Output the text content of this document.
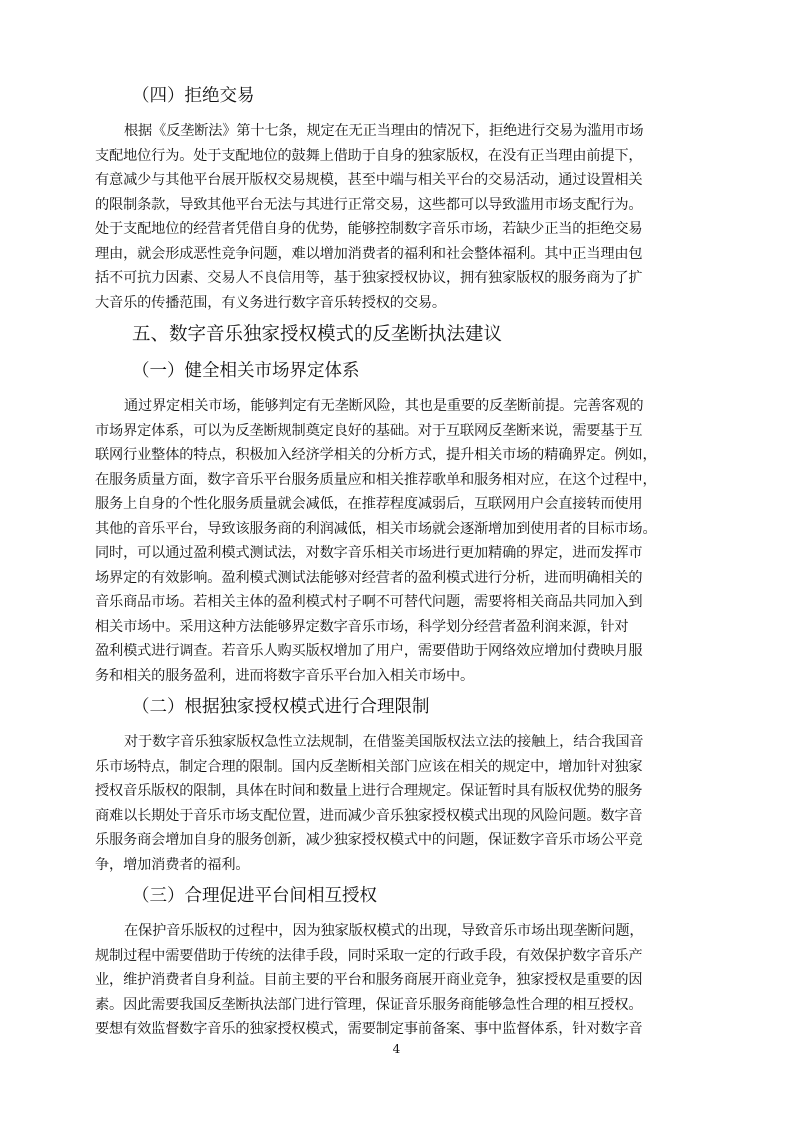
（四）拒绝交易
根据《反垄断法》第十七条，规定在无正当理由的情况下，拒绝进行交易为滥用市场
支配地位行为。处于支配地位的鼓舞上借助于自身的独家版权，在没有正当理由前提下，
有意减少与其他平台展开版权交易规模，甚至中端与相关平台的交易活动，通过设置相关
的限制条款，导致其他平台无法与其进行正常交易，这些都可以导致滥用市场支配行为。
处于支配地位的经营者凭借自身的优势，能够控制数字音乐市场，若缺少正当的拒绝交易
理由，就会形成恶性竞争问题，难以增加消费者的福利和社会整体福利。其中正当理由包
括不可抗力因素、交易人不良信用等，基于独家授权协议，拥有独家版权的服务商为了扩
大音乐的传播范围，有义务进行数字音乐转授权的交易。
五、数字音乐独家授权模式的反垄断执法建议
（一）健全相关市场界定体系
通过界定相关市场，能够判定有无垄断风险，其也是重要的反垄断前提。完善客观的
市场界定体系，可以为反垄断规制奠定良好的基础。对于互联网反垄断来说，需要基于互
联网行业整体的特点，积极加入经济学相关的分析方式，提升相关市场的精确界定。例如，
在服务质量方面，数字音乐平台服务质量应和相关推荐歌单和服务相对应，在这个过程中，
服务上自身的个性化服务质量就会减低，在推荐程度减弱后，互联网用户会直接转而使用
其他的音乐平台，导致该服务商的利润减低，相关市场就会逐渐增加到使用者的目标市场。
同时，可以通过盈利模式测试法，对数字音乐相关市场进行更加精确的界定，进而发挥市
场界定的有效影响。盈利模式测试法能够对经营者的盈利模式进行分析，进而明确相关的
音乐商品市场。若相关主体的盈利模式村子啊不可替代问题，需要将相关商品共同加入到
相关市场中。采用这种方法能够界定数字音乐市场，科学划分经营者盈利润来源，针对
盈利模式进行调查。若音乐人购买版权增加了用户，需要借助于网络效应增加付费映月服
务和相关的服务盈利，进而将数字音乐平台加入相关市场中。
（二）根据独家授权模式进行合理限制
对于数字音乐独家版权急性立法规制，在借鉴美国版权法立法的接触上，结合我国音
乐市场特点，制定合理的限制。国内反垄断相关部门应该在相关的规定中，增加针对独家
授权音乐版权的限制，具体在时间和数量上进行合理规定。保证暂时具有版权优势的服务
商难以长期处于音乐市场支配位置，进而减少音乐独家授权模式出现的风险问题。数字音
乐服务商会增加自身的服务创新，减少独家授权模式中的问题，保证数字音乐市场公平竞
争，增加消费者的福利。
（三）合理促进平台间相互授权
在保护音乐版权的过程中，因为独家版权模式的出现，导致音乐市场出现垄断问题，
规制过程中需要借助于传统的法律手段，同时采取一定的行政手段，有效保护数字音乐产
业，维护消费者自身利益。目前主要的平台和服务商展开商业竞争，独家授权是重要的因
素。因此需要我国反垄断执法部门进行管理，保证音乐服务商能够急性合理的相互授权。
要想有效监督数字音乐的独家授权模式，需要制定事前备案、事中监督体系，针对数字音
4
